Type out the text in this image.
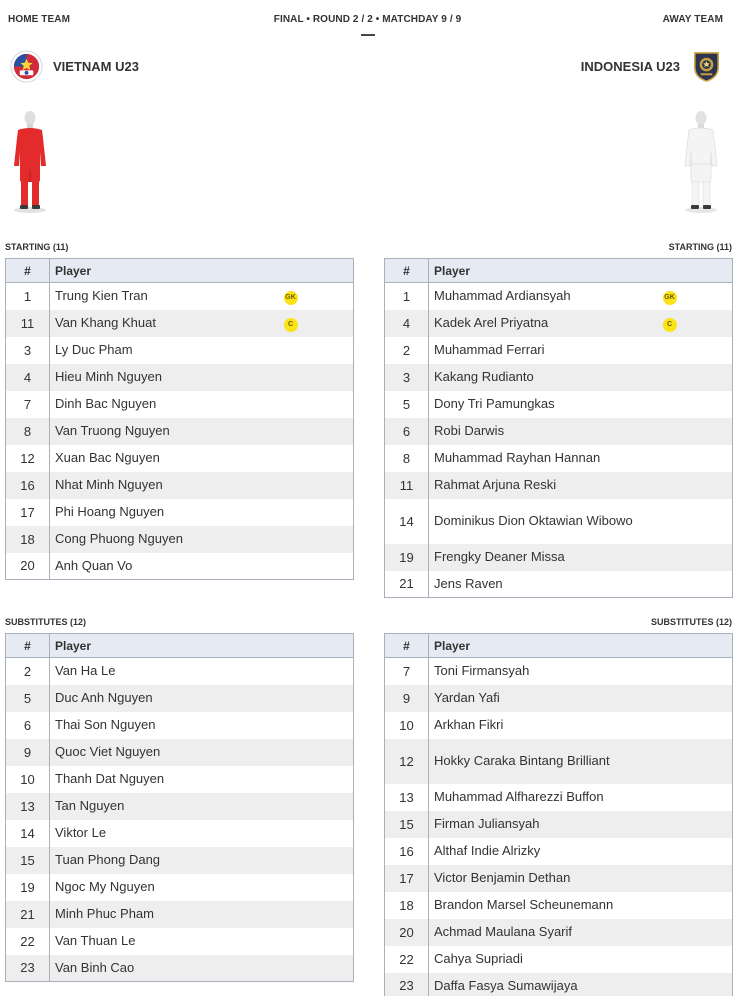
HOME TEAM	FINAL • ROUND 2 / 2 • MATCHDAY 9 / 9	AWAY TEAM
VIETNAM U23	INDONESIA U23
STARTING (11)	STARTING (11)
#	Player	
1	Trung Kien Tran	GK
11	Van Khang Khuat	C
3	Ly Duc Pham	
4	Hieu Minh Nguyen	
7	Dinh Bac Nguyen	
8	Van Truong Nguyen	
12	Xuan Bac Nguyen	
16	Nhat Minh Nguyen	
17	Phi Hoang Nguyen	
18	Cong Phuong Nguyen	
20	Anh Quan Vo	
#	Player	
1	Muhammad Ardiansyah	GK
4	Kadek Arel Priyatna	C
2	Muhammad Ferrari	
3	Kakang Rudianto	
5	Dony Tri Pamungkas	
6	Robi Darwis	
8	Muhammad Rayhan Hannan	
11	Rahmat Arjuna Reski	
14	Dominikus Dion Oktawian Wibowo	
19	Frengky Deaner Missa	
21	Jens Raven	
SUBSTITUTES (12)	SUBSTITUTES (12)
#	Player	
2	Van Ha Le	
5	Duc Anh Nguyen	
6	Thai Son Nguyen	
9	Quoc Viet Nguyen	
10	Thanh Dat Nguyen	
13	Tan Nguyen	
14	Viktor Le	
15	Tuan Phong Dang	
19	Ngoc My Nguyen	
21	Minh Phuc Pham	
22	Van Thuan Le	
23	Van Binh Cao	
#	Player	
7	Toni Firmansyah	
9	Yardan Yafi	
10	Arkhan Fikri	
12	Hokky Caraka Bintang Brilliant	
13	Muhammad Alfharezzi Buffon	
15	Firman Juliansyah	
16	Althaf Indie Alrizky	
17	Victor Benjamin Dethan	
18	Brandon Marsel Scheunemann	
20	Achmad Maulana Syarif	
22	Cahya Supriadi	
23	Daffa Fasya Sumawijaya	
